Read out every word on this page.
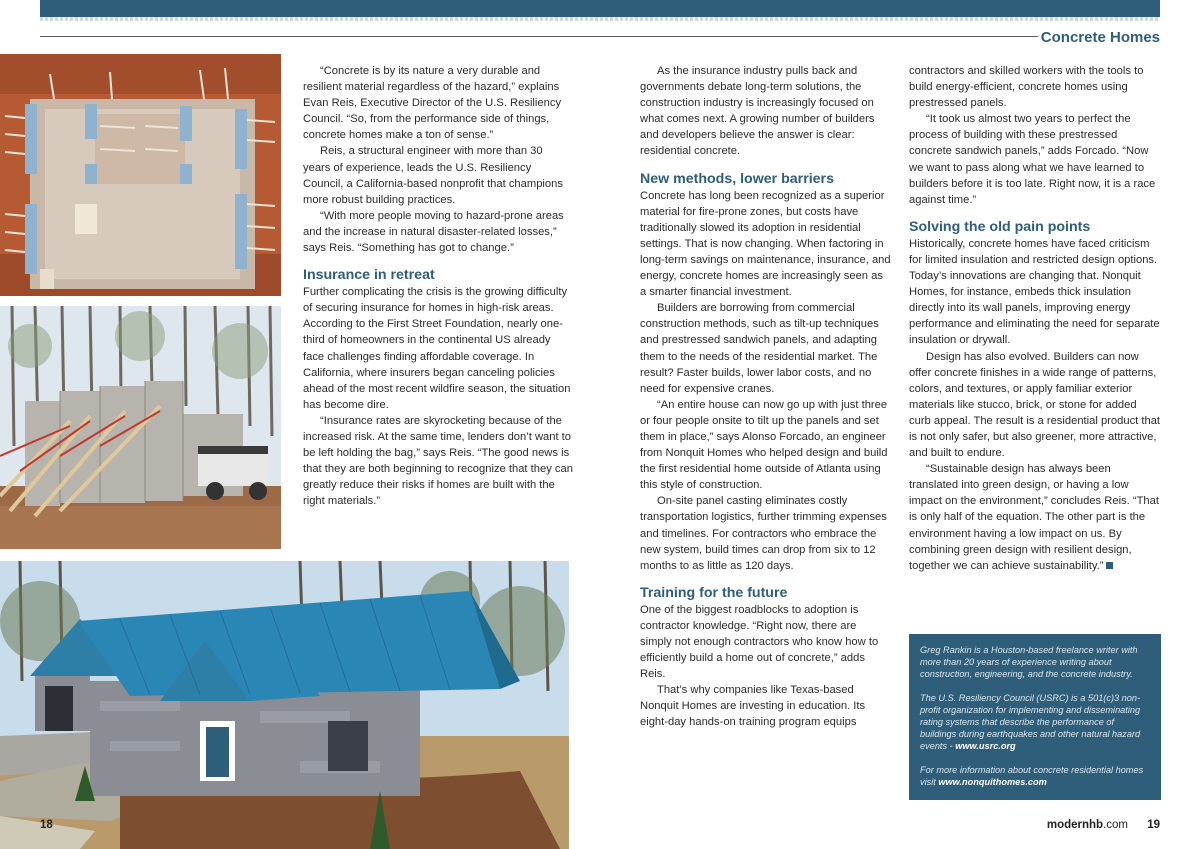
Concrete Homes

“Concrete is by its nature a very durable and resilient material regardless of the hazard,” explains Evan Reis, Executive Director of the U.S. Resiliency Council. “So, from the performance side of things, concrete homes make a ton of sense.”

Reis, a structural engineer with more than 30 years of experience, leads the U.S. Resiliency Council, a California-based nonprofit that champions more robust building practices.

“With more people moving to hazard-prone areas and the increase in natural disaster-related losses,” says Reis. “Something has got to change.”

Insurance in retreat

Further complicating the crisis is the growing difficulty of securing insurance for homes in high-risk areas. According to the First Street Foundation, nearly one-third of homeowners in the continental US already face challenges finding affordable coverage. In California, where insurers began canceling policies ahead of the most recent wildfire season, the situation has become dire.

“Insurance rates are skyrocketing because of the increased risk. At the same time, lenders don’t want to be left holding the bag,” says Reis. “The good news is that they are both beginning to recognize that they can greatly reduce their risks if homes are built with the right materials.”

As the insurance industry pulls back and governments debate long-term solutions, the construction industry is increasingly focused on what comes next. A growing number of builders and developers believe the answer is clear: residential concrete.

New methods, lower barriers

Concrete has long been recognized as a superior material for fire-prone zones, but costs have traditionally slowed its adoption in residential settings. That is now changing. When factoring in long-term savings on maintenance, insurance, and energy, concrete homes are increasingly seen as a smarter financial investment.

Builders are borrowing from commercial construction methods, such as tilt-up techniques and prestressed sandwich panels, and adapting them to the needs of the residential market. The result? Faster builds, lower labor costs, and no need for expensive cranes.

“An entire house can now go up with just three or four people onsite to tilt up the panels and set them in place,” says Alonso Forcado, an engineer from Nonquit Homes who helped design and build the first residential home outside of Atlanta using this style of construction.

On-site panel casting eliminates costly transportation logistics, further trimming expenses and timelines. For contractors who embrace the new system, build times can drop from six to 12 months to as little as 120 days.

Training for the future

One of the biggest roadblocks to adoption is contractor knowledge. “Right now, there are simply not enough contractors who know how to efficiently build a home out of concrete,” adds Reis.

That’s why companies like Texas-based Nonquit Homes are investing in education. Its eight-day hands-on training program equips

contractors and skilled workers with the tools to build energy-efficient, concrete homes using prestressed panels.

“It took us almost two years to perfect the process of building with these prestressed concrete sandwich panels,” adds Forcado. “Now we want to pass along what we have learned to builders before it is too late. Right now, it is a race against time.”

Solving the old pain points

Historically, concrete homes have faced criticism for limited insulation and restricted design options. Today’s innovations are changing that. Nonquit Homes, for instance, embeds thick insulation directly into its wall panels, improving energy performance and eliminating the need for separate insulation or drywall.

Design has also evolved. Builders can now offer concrete finishes in a wide range of patterns, colors, and textures, or apply familiar exterior materials like stucco, brick, or stone for added curb appeal. The result is a residential product that is not only safer, but also greener, more attractive, and built to endure.

“Sustainable design has always been translated into green design, or having a low impact on the environment,” concludes Reis. “That is only half of the equation. The other part is the environment having a low impact on us. By combining green design with resilient design, together we can achieve sustainability.”

Greg Rankin is a Houston-based freelance writer with more than 20 years of experience writing about construction, engineering, and the concrete industry.

The U.S. Resiliency Council (USRC) is a 501(c)3 non-profit organization for implementing and disseminating rating systems that describe the performance of buildings during earthquakes and other natural hazard events - www.usrc.org

For more information about concrete residential homes visit www.nonquithomes.com

18	modernhb.com 19
